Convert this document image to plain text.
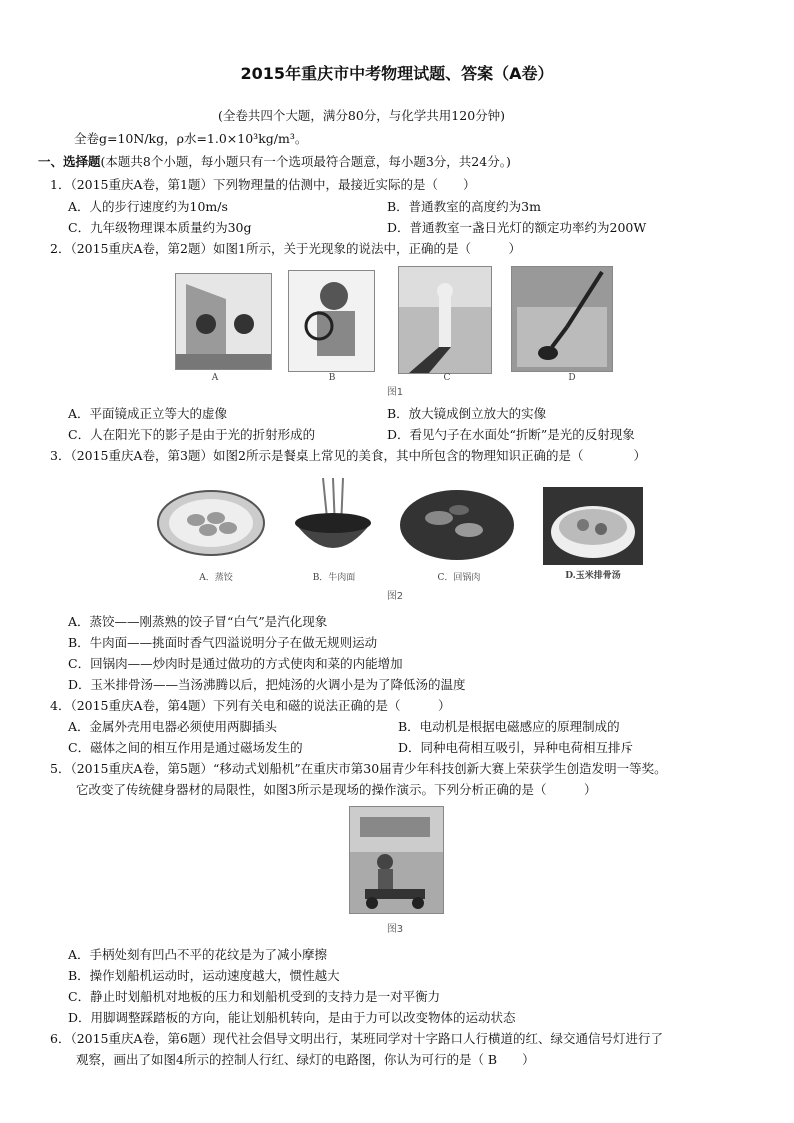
2015年重庆市中考物理试题、答案（A卷）
(全卷共四个大题，满分80分，与化学共用120分钟)
全卷g=10N/kg，ρ水=1.0×10³kg/m³。
一、选择题(本题共8个小题，每小题只有一个选项最符合题意，每小题3分，共24分。)
1．（2015重庆A卷，第1题）下列物理量的估测中，最接近实际的是（　　）
A．人的步行速度约为10m/s	B．普通教室的高度约为3m
C．九年级物理课本质量约为30g	D．普通教室一盏日光灯的额定功率约为200W
2．（2015重庆A卷，第2题）如图1所示，关于光现象的说法中，正确的是（　　　）
A	B	C	D
图1
A．平面镜成正立等大的虚像	B．放大镜成倒立放大的实像
C．人在阳光下的影子是由于光的折射形成的	D．看见勺子在水面处“折断”是光的反射现象
3．（2015重庆A卷，第3题）如图2所示是餐桌上常见的美食，其中所包含的物理知识正确的是（　　　　）
A．蒸饺	B．牛肉面	C．回锅肉	D.玉米排骨汤
图2
A．蒸饺——刚蒸熟的饺子冒“白气”是汽化现象
B．牛肉面——挑面时香气四溢说明分子在做无规则运动
C．回锅肉——炒肉时是通过做功的方式使肉和菜的内能增加
D．玉米排骨汤——当汤沸腾以后，把炖汤的火调小是为了降低汤的温度
4．（2015重庆A卷，第4题）下列有关电和磁的说法正确的是（　　　）
A．金属外壳用电器必须使用两脚插头	B．电动机是根据电磁感应的原理制成的
C．磁体之间的相互作用是通过磁场发生的	D．同种电荷相互吸引，异种电荷相互排斥
5．（2015重庆A卷，第5题）“移动式划船机”在重庆市第30届青少年科技创新大赛上荣获学生创造发明一等奖。
它改变了传统健身器材的局限性，如图3所示是现场的操作演示。下列分析正确的是（　　　）
图3
A．手柄处刻有凹凸不平的花纹是为了减小摩擦
B．操作划船机运动时，运动速度越大，惯性越大
C．静止时划船机对地板的压力和划船机受到的支持力是一对平衡力
D．用脚调整踩踏板的方向，能让划船机转向，是由于力可以改变物体的运动状态
6．（2015重庆A卷，第6题）现代社会倡导文明出行，某班同学对十字路口人行横道的红、绿交通信号灯进行了
观察，画出了如图4所示的控制人行红、绿灯的电路图，你认为可行的是（ B　　）
